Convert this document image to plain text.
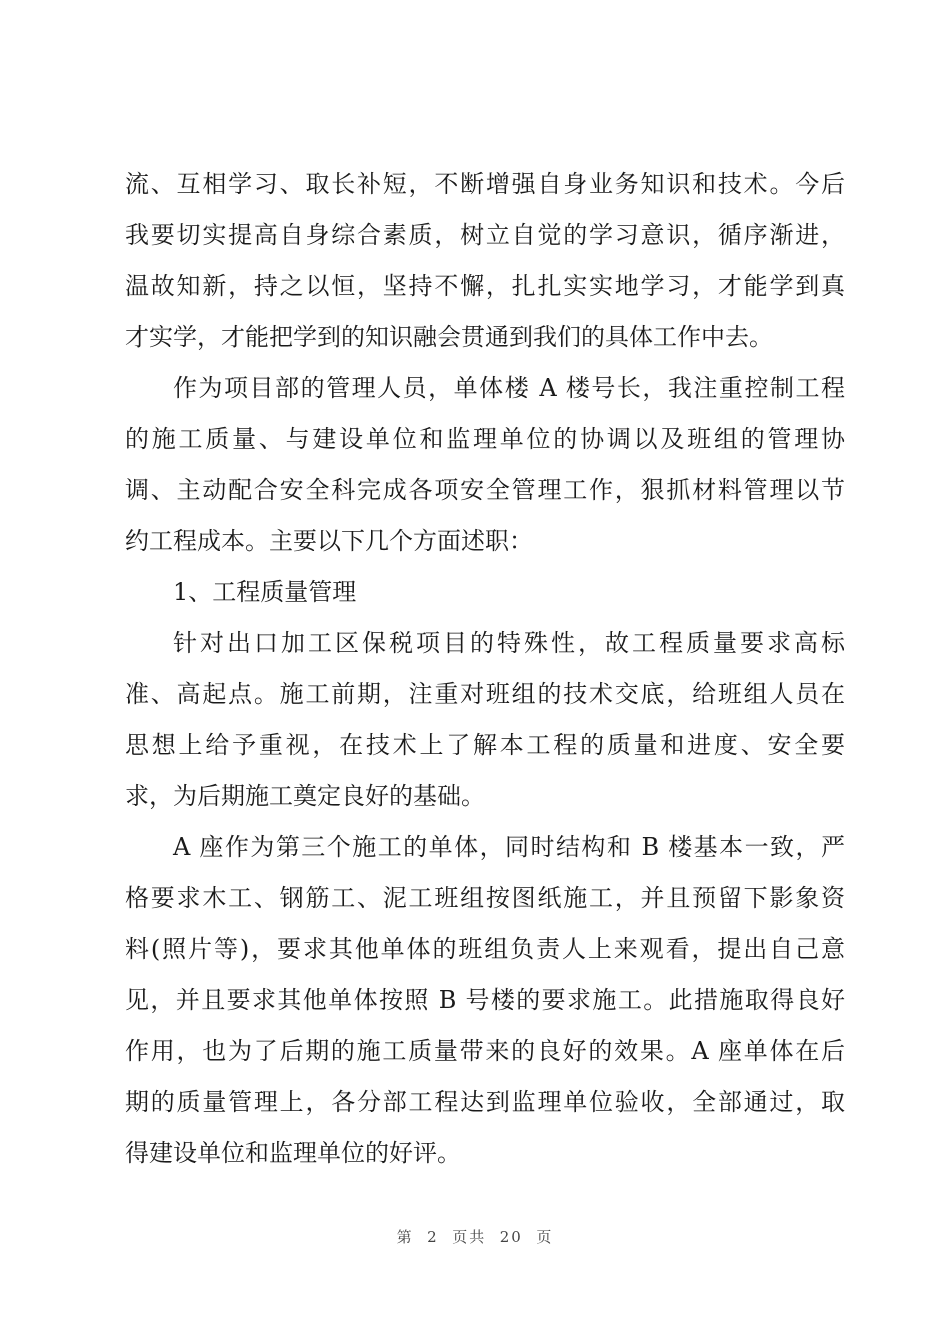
流、互相学习、取长补短，不断增强自身业务知识和技术。今后
我要切实提高自身综合素质，树立自觉的学习意识，循序渐进，
温故知新，持之以恒，坚持不懈，扎扎实实地学习，才能学到真
才实学，才能把学到的知识融会贯通到我们的具体工作中去。
作为项目部的管理人员，单体楼 A 楼号长，我注重控制工程
的施工质量、与建设单位和监理单位的协调以及班组的管理协
调、主动配合安全科完成各项安全管理工作，狠抓材料管理以节
约工程成本。主要以下几个方面述职：
1、工程质量管理
针对出口加工区保税项目的特殊性，故工程质量要求高标
准、高起点。施工前期，注重对班组的技术交底，给班组人员在
思想上给予重视，在技术上了解本工程的质量和进度、安全要
求，为后期施工奠定良好的基础。
A 座作为第三个施工的单体，同时结构和 B 楼基本一致，严
格要求木工、钢筋工、泥工班组按图纸施工，并且预留下影象资
料(照片等)，要求其他单体的班组负责人上来观看，提出自己意
见，并且要求其他单体按照 B 号楼的要求施工。此措施取得良好
作用，也为了后期的施工质量带来的良好的效果。A 座单体在后
期的质量管理上，各分部工程达到监理单位验收，全部通过，取
得建设单位和监理单位的好评。
第  2  页共  20  页
